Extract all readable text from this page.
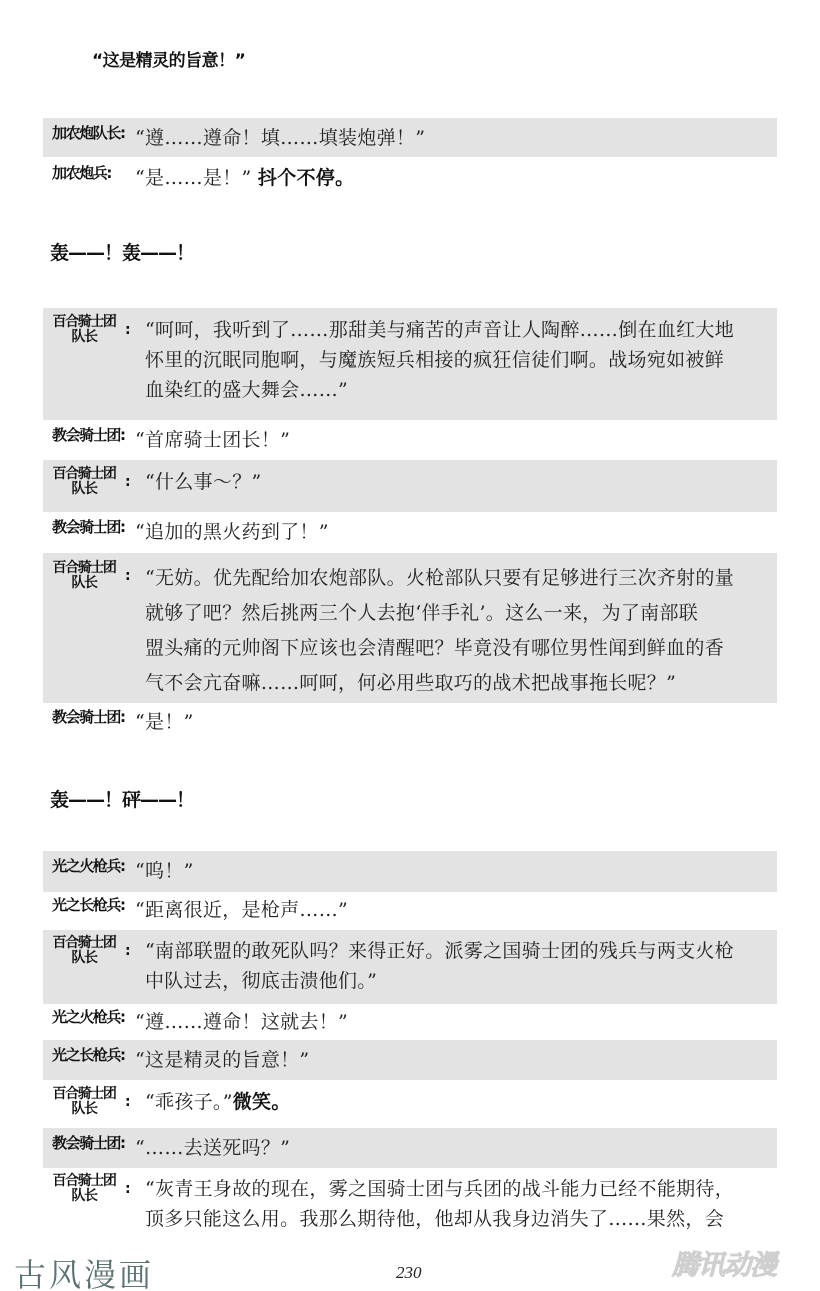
“这是精灵的旨意！”
加农炮队长: “遵……遵命！填……填装炮弹！”
加农炮兵:	“是……是！” 抖个不停。
轰——！轰——！
百合骑士团
队长	: “呵呵，我听到了……那甜美与痛苦的声音让人陶醉……倒在血红大地
怀里的沉眠同胞啊，与魔族短兵相接的疯狂信徒们啊。战场宛如被鲜
血染红的盛大舞会……”
教会骑士团: “首席骑士团长！”
百合骑士团
队长	: “什么事～？”
教会骑士团: “追加的黑火药到了！”
百合骑士团
队长	: “无妨。优先配给加农炮部队。火枪部队只要有足够进行三次齐射的量
就够了吧？然后挑两三个人去抱‘伴手礼’。这么一来，为了南部联
盟头痛的元帅阁下应该也会清醒吧？毕竟没有哪位男性闻到鲜血的香
气不会亢奋嘛……呵呵，何必用些取巧的战术把战事拖长呢？”
教会骑士团: “是！”
轰——！砰——！
光之火枪兵: “呜！”
光之长枪兵: “距离很近，是枪声……”
百合骑士团
队长	: “南部联盟的敢死队吗？来得正好。派雾之国骑士团的残兵与两支火枪
中队过去，彻底击溃他们。”
光之火枪兵: “遵……遵命！这就去！”
光之长枪兵: “这是精灵的旨意！”
百合骑士团
队长	: “乖孩子。”微笑。
教会骑士团: “……去送死吗？”
百合骑士团
队长	: “灰青王身故的现在，雾之国骑士团与兵团的战斗能力已经不能期待，
顶多只能这么用。我那么期待他，他却从我身边消失了……果然，会
古风漫画	230	腾讯动漫
